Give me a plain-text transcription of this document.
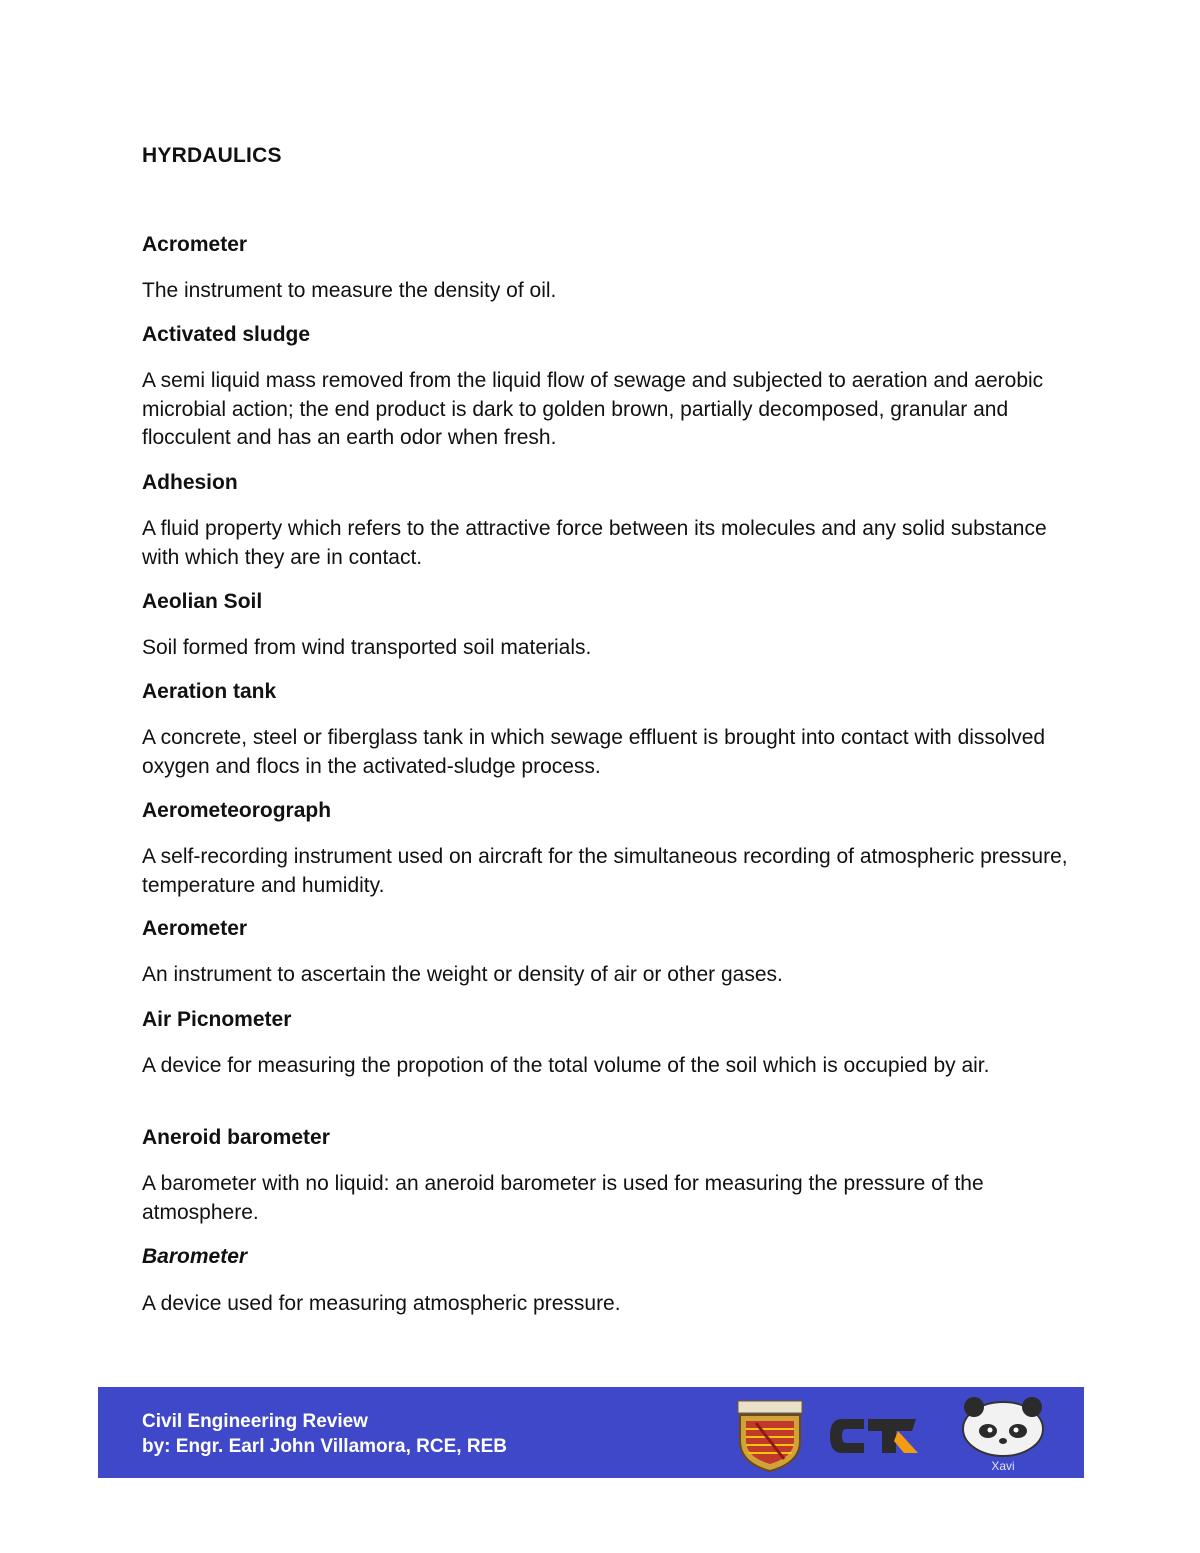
HYRDAULICS
Acrometer
The instrument to measure the density of oil.
Activated sludge
A semi liquid mass removed from the liquid flow of sewage and subjected to aeration and aerobic microbial action; the end product is dark to golden brown, partially decomposed, granular and flocculent and has an earth odor when fresh.
Adhesion
A fluid property which refers to the attractive force between its molecules and any solid substance with which they are in contact.
Aeolian Soil
Soil formed from wind transported soil materials.
Aeration tank
A concrete, steel or fiberglass tank in which sewage effluent is brought into contact with dissolved oxygen and flocs in the activated-sludge process.
Aerometeorograph
A self-recording instrument used on aircraft for the simultaneous recording of atmospheric pressure, temperature and humidity.
Aerometer
An instrument to ascertain the weight or density of air or other gases.
Air Picnometer
A device for measuring the propotion of the total volume of the soil which is occupied by air.
Aneroid barometer
A barometer with no liquid: an aneroid barometer is used for measuring the pressure of the atmosphere.
Barometer
A device used for measuring atmospheric pressure.
Civil Engineering Review
by: Engr. Earl John Villamora, RCE, REB
Xavi
